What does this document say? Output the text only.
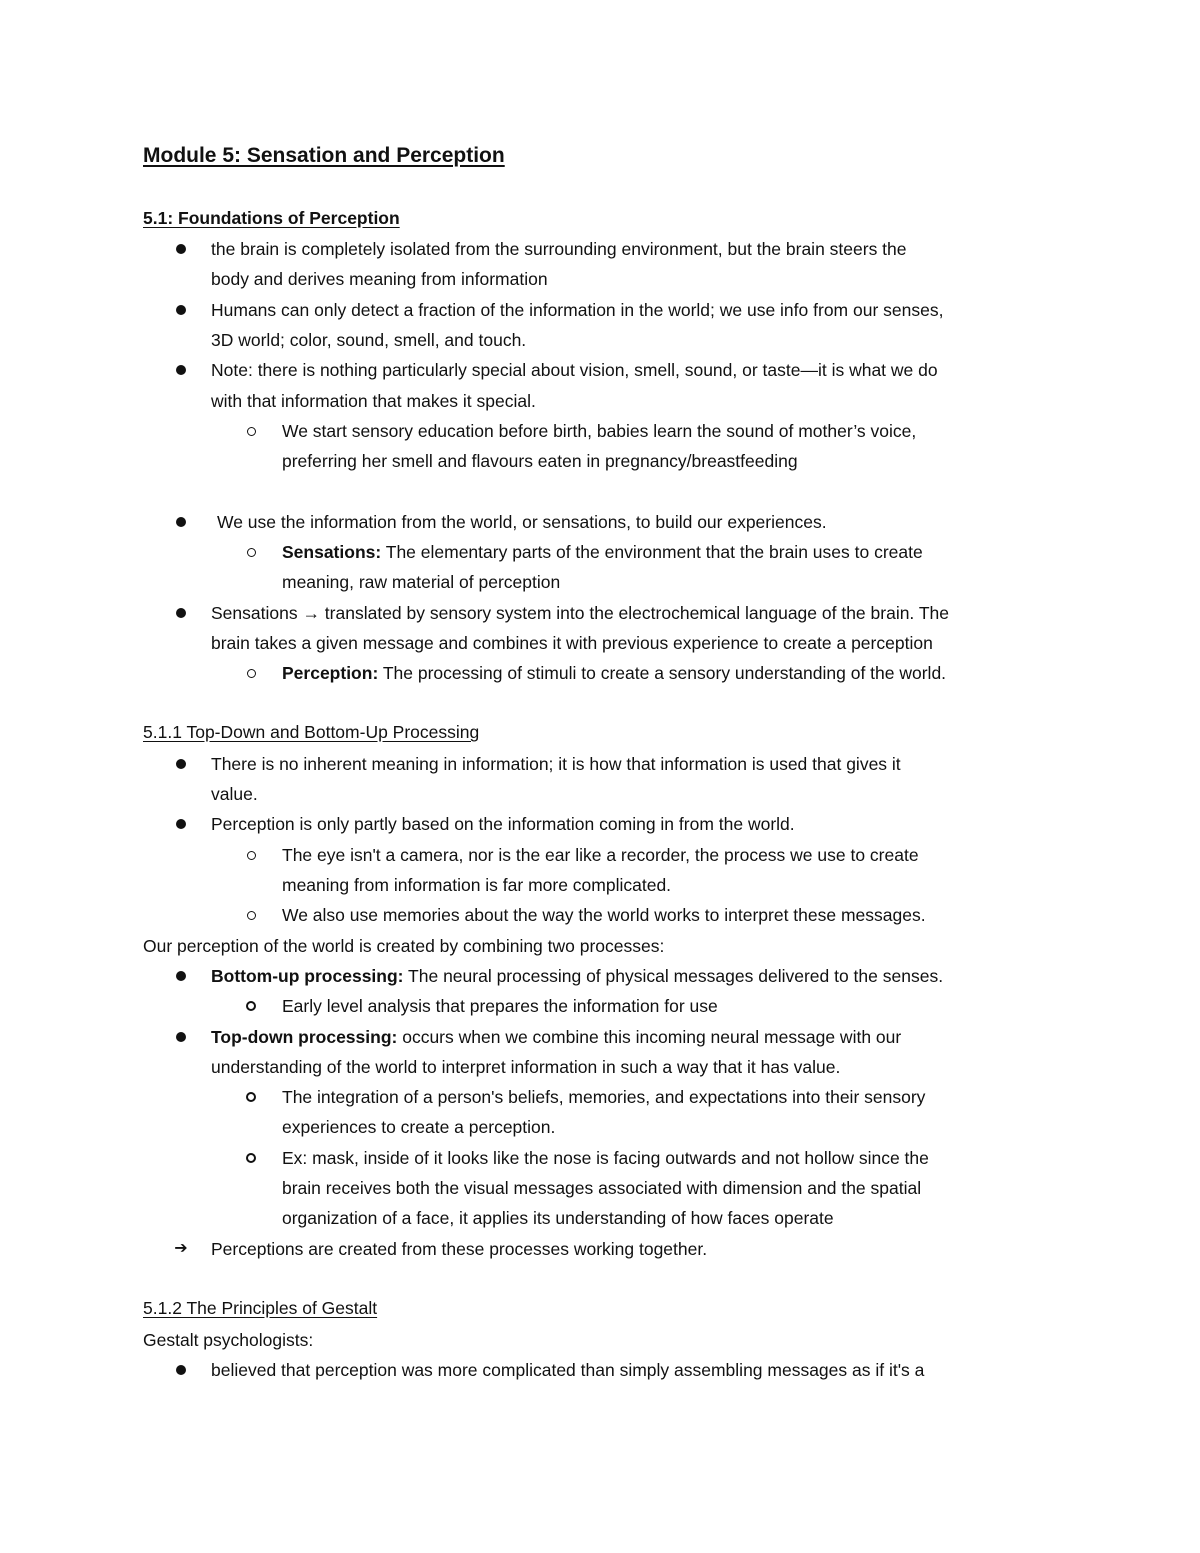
Module 5: Sensation and Perception
5.1: Foundations of Perception
the brain is completely isolated from the surrounding environment, but the brain steers the
body and derives meaning from information
Humans can only detect a fraction of the information in the world; we use info from our senses,
3D world; color, sound, smell, and touch.
Note: there is nothing particularly special about vision, smell, sound, or taste—it is what we do
with that information that makes it special.
We start sensory education before birth, babies learn the sound of mother’s voice,
preferring her smell and flavours eaten in pregnancy/breastfeeding
We use the information from the world, or sensations, to build our experiences.
Sensations: The elementary parts of the environment that the brain uses to create
meaning, raw material of perception
Sensations → translated by sensory system into the electrochemical language of the brain. The
brain takes a given message and combines it with previous experience to create a perception
Perception: The processing of stimuli to create a sensory understanding of the world.
5.1.1 Top-Down and Bottom-Up Processing
There is no inherent meaning in information; it is how that information is used that gives it
value.
Perception is only partly based on the information coming in from the world.
The eye isn't a camera, nor is the ear like a recorder, the process we use to create
meaning from information is far more complicated.
We also use memories about the way the world works to interpret these messages.
Our perception of the world is created by combining two processes:
Bottom-up processing: The neural processing of physical messages delivered to the senses.
Early level analysis that prepares the information for use
Top-down processing: occurs when we combine this incoming neural message with our
understanding of the world to interpret information in such a way that it has value.
The integration of a person's beliefs, memories, and expectations into their sensory
experiences to create a perception.
Ex: mask, inside of it looks like the nose is facing outwards and not hollow since the
brain receives both the visual messages associated with dimension and the spatial
organization of a face, it applies its understanding of how faces operate
➔ Perceptions are created from these processes working together.
5.1.2 The Principles of Gestalt
Gestalt psychologists:
believed that perception was more complicated than simply assembling messages as if it's a
